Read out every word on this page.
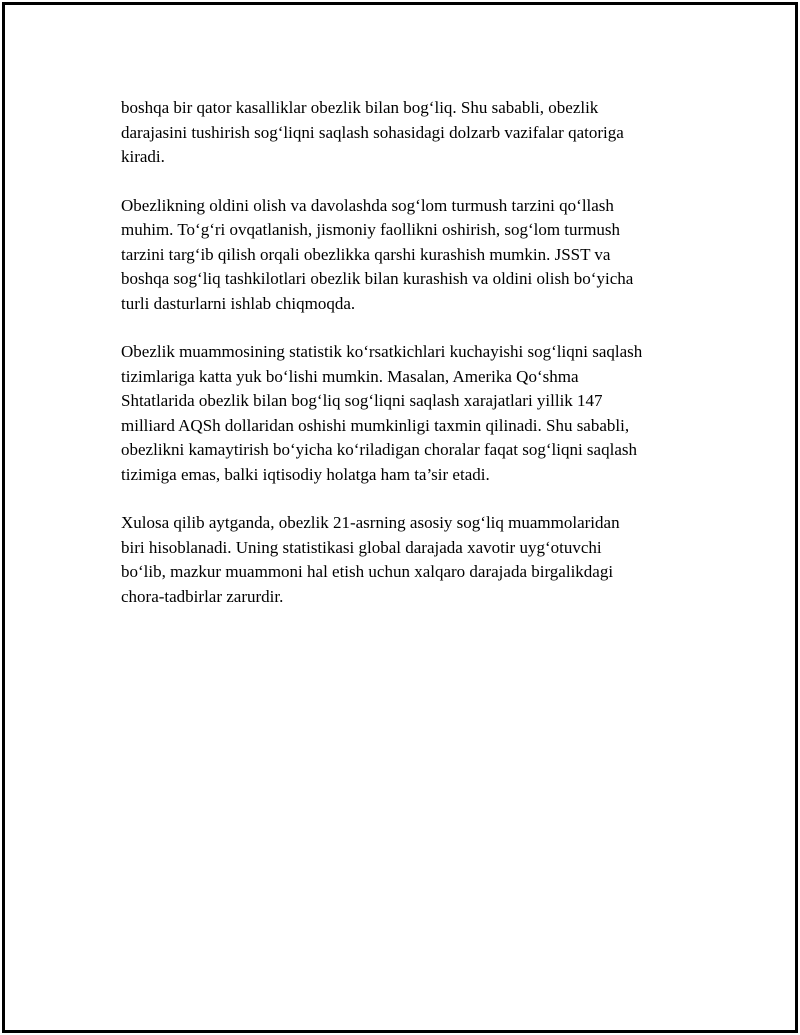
boshqa bir qator kasalliklar obezlik bilan bog‘liq. Shu sababli, obezlik
darajasini tushirish sog‘liqni saqlash sohasidagi dolzarb vazifalar qatoriga
kiradi.

Obezlikning oldini olish va davolashda sog‘lom turmush tarzini qo‘llash
muhim. To‘g‘ri ovqatlanish, jismoniy faollikni oshirish, sog‘lom turmush
tarzini targ‘ib qilish orqali obezlikka qarshi kurashish mumkin. JSST va
boshqa sog‘liq tashkilotlari obezlik bilan kurashish va oldini olish bo‘yicha
turli dasturlarni ishlab chiqmoqda.

Obezlik muammosining statistik ko‘rsatkichlari kuchayishi sog‘liqni saqlash
tizimlariga katta yuk bo‘lishi mumkin. Masalan, Amerika Qo‘shma
Shtatlarida obezlik bilan bog‘liq sog‘liqni saqlash xarajatlari yillik 147
milliard AQSh dollaridan oshishi mumkinligi taxmin qilinadi. Shu sababli,
obezlikni kamaytirish bo‘yicha ko‘riladigan choralar faqat sog‘liqni saqlash
tizimiga emas, balki iqtisodiy holatga ham ta’sir etadi.

Xulosa qilib aytganda, obezlik 21-asrning asosiy sog‘liq muammolaridan
biri hisoblanadi. Uning statistikasi global darajada xavotir uyg‘otuvchi
bo‘lib, mazkur muammoni hal etish uchun xalqaro darajada birgalikdagi
chora-tadbirlar zarurdir.
